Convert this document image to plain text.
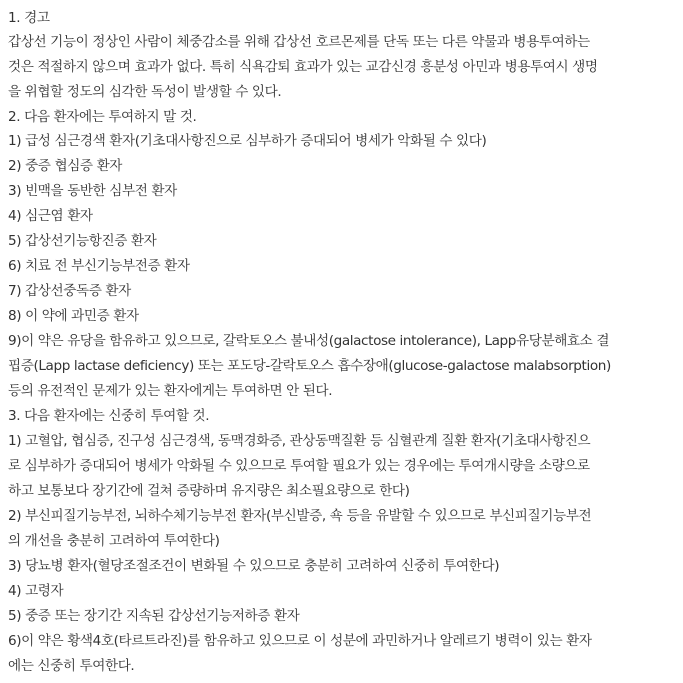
1. 경고
갑상선 기능이 정상인 사람이 체중감소를 위해 갑상선 호르몬제를 단독 또는 다른 약물과 병용투여하는
것은 적절하지 않으며 효과가 없다. 특히 식욕감퇴 효과가 있는 교감신경 흥분성 아민과 병용투여시 생명
을 위협할 정도의 심각한 독성이 발생할 수 있다.
2. 다음 환자에는 투여하지 말 것.
1) 급성 심근경색 환자(기초대사항진으로 심부하가 증대되어 병세가 악화될 수 있다)
2) 중증 협심증 환자
3) 빈맥을 동반한 심부전 환자
4) 심근염 환자
5) 갑상선기능항진증 환자
6) 치료 전 부신기능부전증 환자
7) 갑상선중독증 환자
8) 이 약에 과민증 환자
9)이 약은 유당을 함유하고 있으므로, 갈락토오스 불내성(galactose intolerance), Lapp유당분해효소 결
핍증(Lapp lactase deficiency) 또는 포도당-갈락토오스 흡수장애(glucose-galactose malabsorption)
등의 유전적인 문제가 있는 환자에게는 투여하면 안 된다.
3. 다음 환자에는 신중히 투여할 것.
1) 고혈압, 협심증, 진구성 심근경색, 동맥경화증, 관상동맥질환 등 심혈관계 질환 환자(기초대사항진으
로 심부하가 증대되어 병세가 악화될 수 있으므로 투여할 필요가 있는 경우에는 투여개시량을 소량으로
하고 보통보다 장기간에 걸쳐 증량하며 유지량은 최소필요량으로 한다)
2) 부신피질기능부전, 뇌하수체기능부전 환자(부신발증, 쇽 등을 유발할 수 있으므로 부신피질기능부전
의 개선을 충분히 고려하여 투여한다)
3) 당뇨병 환자(혈당조절조건이 변화될 수 있으므로 충분히 고려하여 신중히 투여한다)
4) 고령자
5) 중증 또는 장기간 지속된 갑상선기능저하증 환자
6)이 약은 황색4호(타르트라진)를 함유하고 있으므로 이 성분에 과민하거나 알레르기 병력이 있는 환자
에는 신중히 투여한다.
